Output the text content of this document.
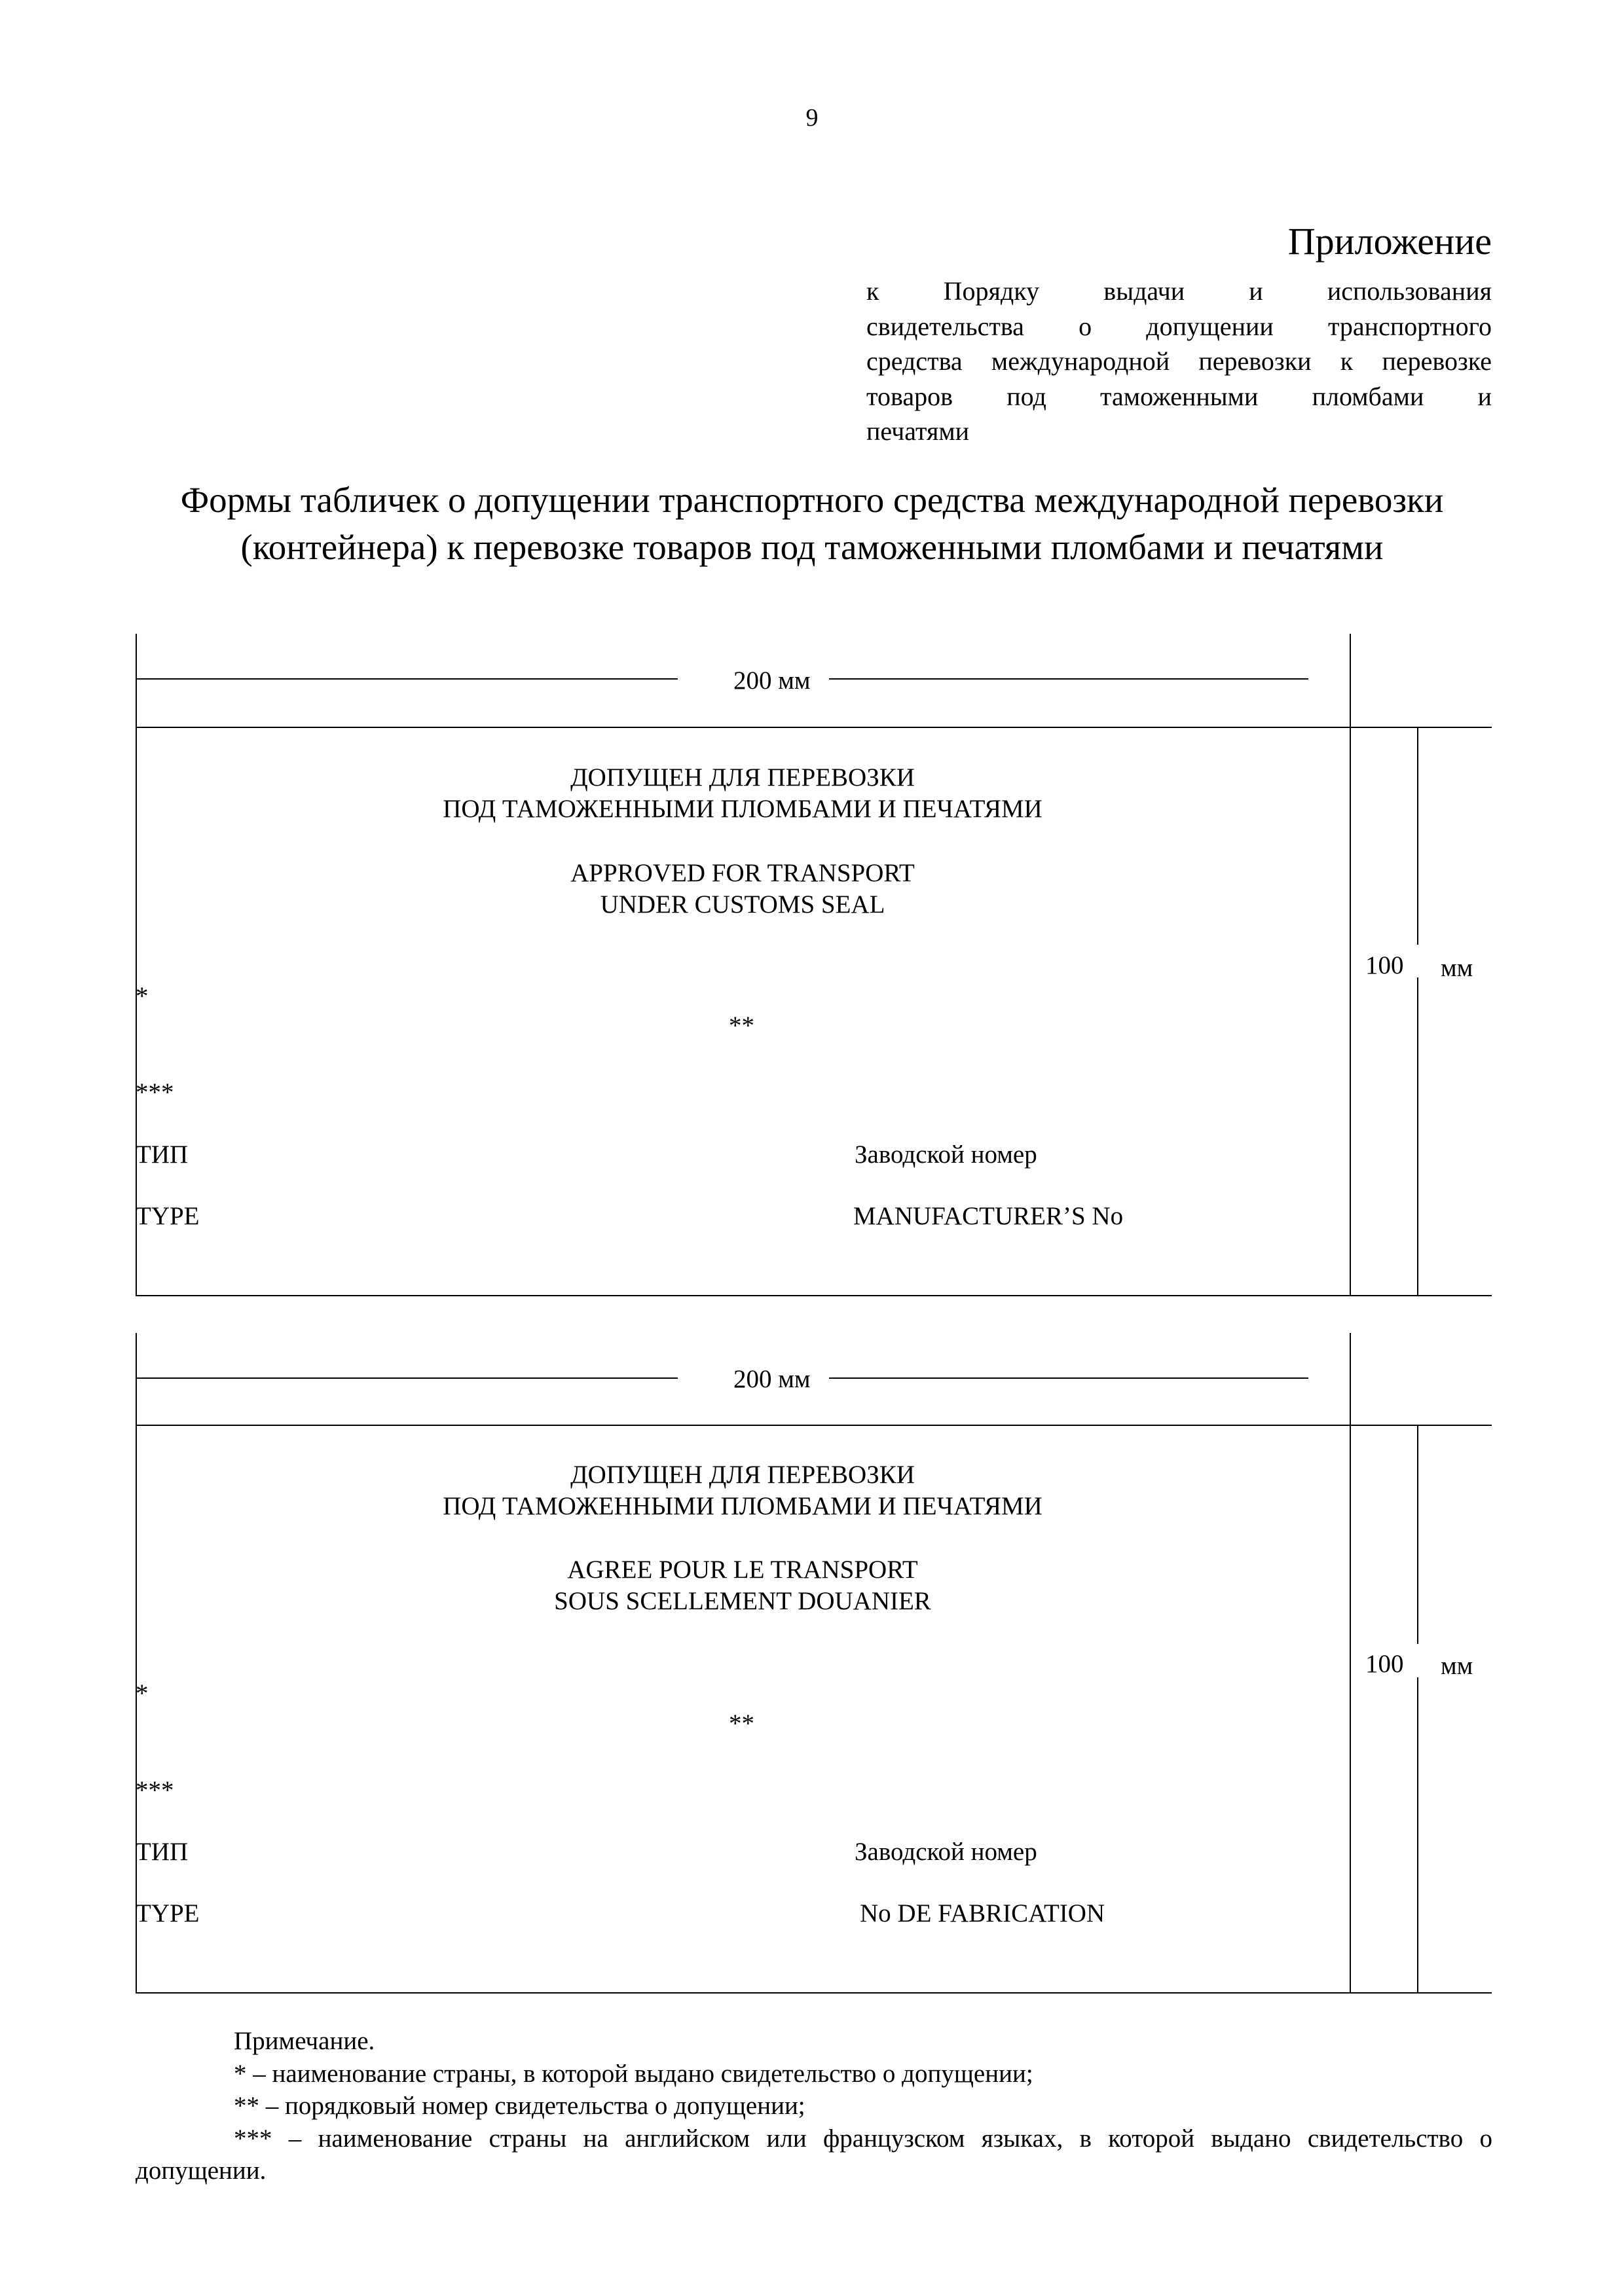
9
Приложение
к Порядку выдачи и использования
свидетельства о допущении транспортного
средства международной перевозки к перевозке
товаров под таможенными пломбами и
печатями
Формы табличек о допущении транспортного средства международной перевозки
(контейнера) к перевозке товаров под таможенными пломбами и печатями
200 мм
ДОПУЩЕН ДЛЯ ПЕРЕВОЗКИ
ПОД ТАМОЖЕННЫМИ ПЛОМБАМИ И ПЕЧАТЯМИ
APPROVED FOR TRANSPORT
UNDER CUSTOMS SEAL
100 мм
*
**
***
ТИП	Заводской номер
TYPE	MANUFACTURER’S No
200 мм
ДОПУЩЕН ДЛЯ ПЕРЕВОЗКИ
ПОД ТАМОЖЕННЫМИ ПЛОМБАМИ И ПЕЧАТЯМИ
AGREE POUR LE TRANSPORT
SOUS SCELLEMENT DOUANIER
100 мм
*
**
***
ТИП	Заводской номер
TYPE	No DE FABRICATION
Примечание.
* – наименование страны, в которой выдано свидетельство о допущении;
** – порядковый номер свидетельства о допущении;
*** – наименование страны на английском или французском языках, в которой выдано свидетельство о
допущении.
